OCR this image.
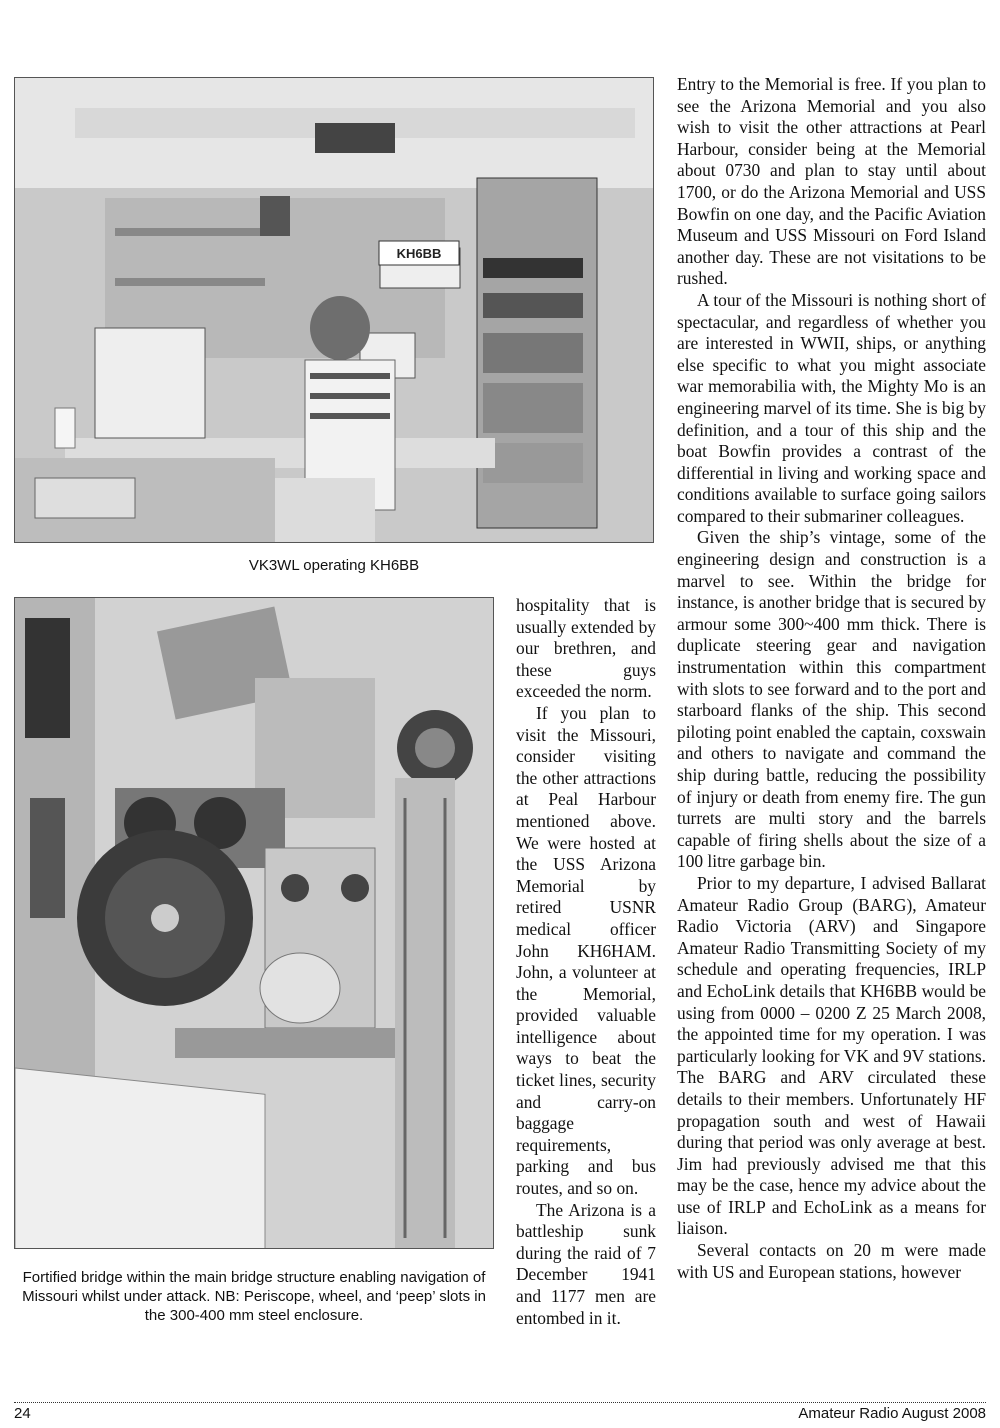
KH6BB
VK3WL operating KH6BB
Fortified bridge within the main bridge structure enabling navigation of Missouri whilst under attack. NB: Periscope, wheel, and ‘peep’ slots in the 300-400 mm steel enclosure.

hospitality that is usually extended by our brethren, and these guys exceeded the norm.

If you plan to visit the Missouri, consider visiting the other attractions at Peal Harbour mentioned above. We were hosted at the USS Arizona Memorial by retired USNR medical officer John KH6HAM. John, a volunteer at the Memorial, provided valuable intelligence about ways to beat the ticket lines, security and carry-on baggage requirements, parking and bus routes, and so on.

The Arizona is a battleship sunk during the raid of 7 December 1941 and 1177 men are entombed in it.

Entry to the Memorial is free. If you plan to see the Arizona Memorial and you also wish to visit the other attractions at Pearl Harbour, consider being at the Memorial about 0730 and plan to stay until about 1700, or do the Arizona Memorial and USS Bowfin on one day, and the Pacific Aviation Museum and USS Missouri on Ford Island another day. These are not visitations to be rushed.

A tour of the Missouri is nothing short of spectacular, and regardless of whether you are interested in WWII, ships, or anything else specific to what you might associate war memorabilia with, the Mighty Mo is an engineering marvel of its time. She is big by definition, and a tour of this ship and the boat Bowfin provides a contrast of the differential in living and working space and conditions available to surface going sailors compared to their submariner colleagues.

Given the ship’s vintage, some of the engineering design and construction is a marvel to see. Within the bridge for instance, is another bridge that is secured by armour some 300~400 mm thick. There is duplicate steering gear and navigation instrumentation within this compartment with slots to see forward and to the port and starboard flanks of the ship. This second piloting point enabled the captain, coxswain and others to navigate and command the ship during battle, reducing the possibility of injury or death from enemy fire. The gun turrets are multi story and the barrels capable of firing shells about the size of a 100 litre garbage bin.

Prior to my departure, I advised Ballarat Amateur Radio Group (BARG), Amateur Radio Victoria (ARV) and Singapore Amateur Radio Transmitting Society of my schedule and operating frequencies, IRLP and EchoLink details that KH6BB would be using from 0000 – 0200 Z 25 March 2008, the appointed time for my operation. I was particularly looking for VK and 9V stations. The BARG and ARV circulated these details to their members. Unfortunately HF propagation south and west of Hawaii during that period was only average at best. Jim had previously advised me that this may be the case, hence my advice about the use of IRLP and EchoLink as a means for liaison.

Several contacts on 20 m were made with US and European stations, however

24	Amateur Radio August 2008
